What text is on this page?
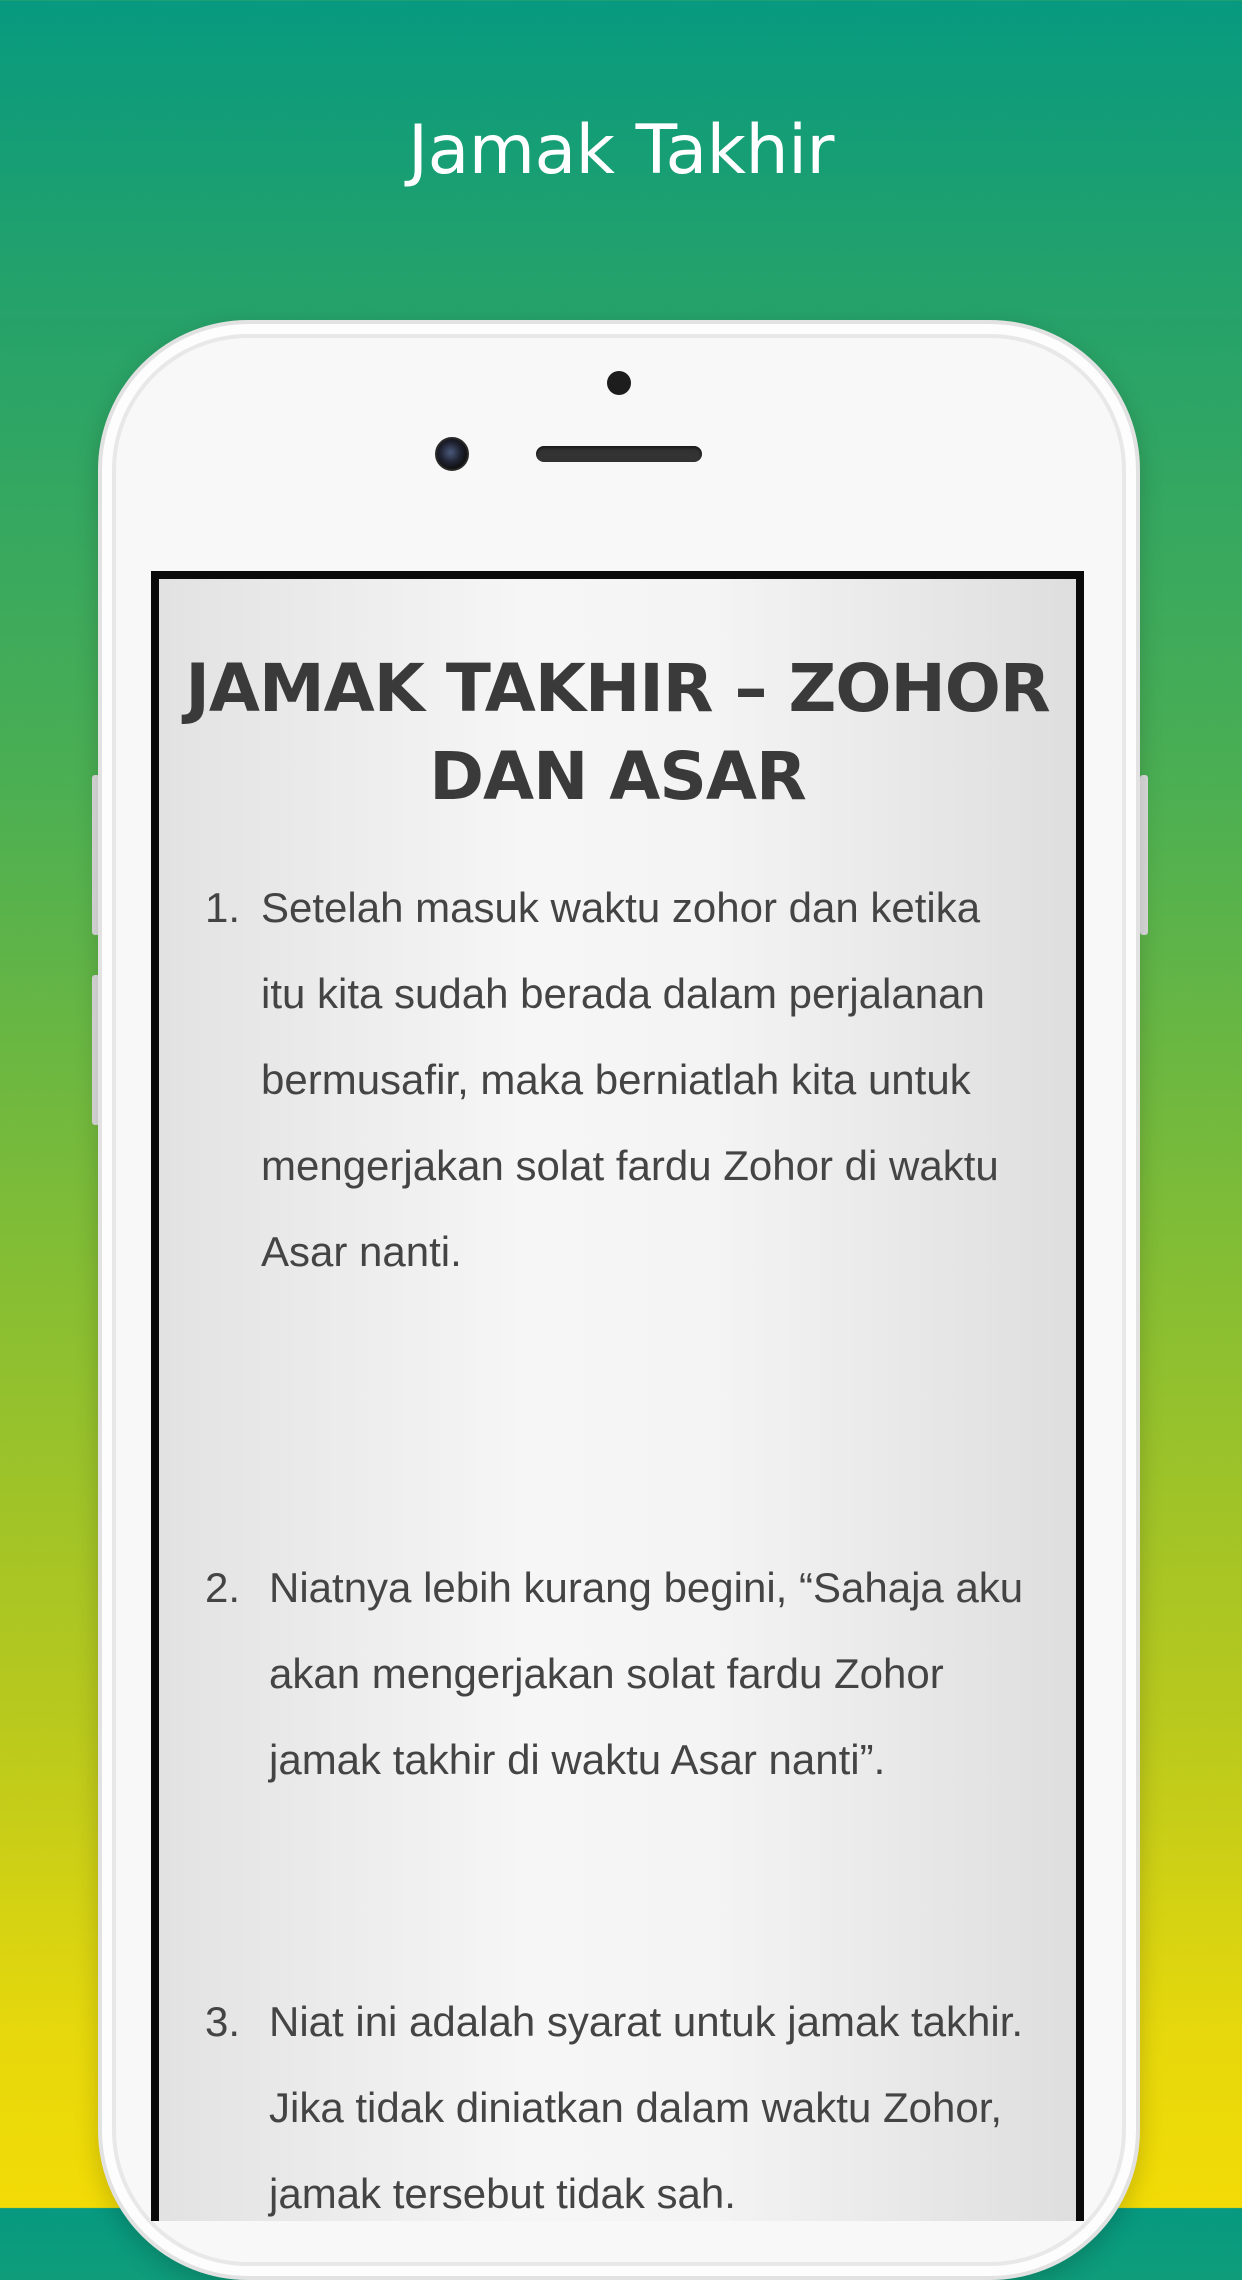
Jamak Takhir
JAMAK TAKHIR – ZOHOR DAN ASAR
1. Setelah masuk waktu zohor dan ketika itu kita sudah berada dalam perjalanan bermusafir, maka berniatlah kita untuk mengerjakan solat fardu Zohor di waktu Asar nanti.
2. Niatnya lebih kurang begini, “Sahaja aku akan mengerjakan solat fardu Zohor jamak takhir di waktu Asar nanti”.
3. Niat ini adalah syarat untuk jamak takhir. Jika tidak diniatkan dalam waktu Zohor, jamak tersebut tidak sah.
